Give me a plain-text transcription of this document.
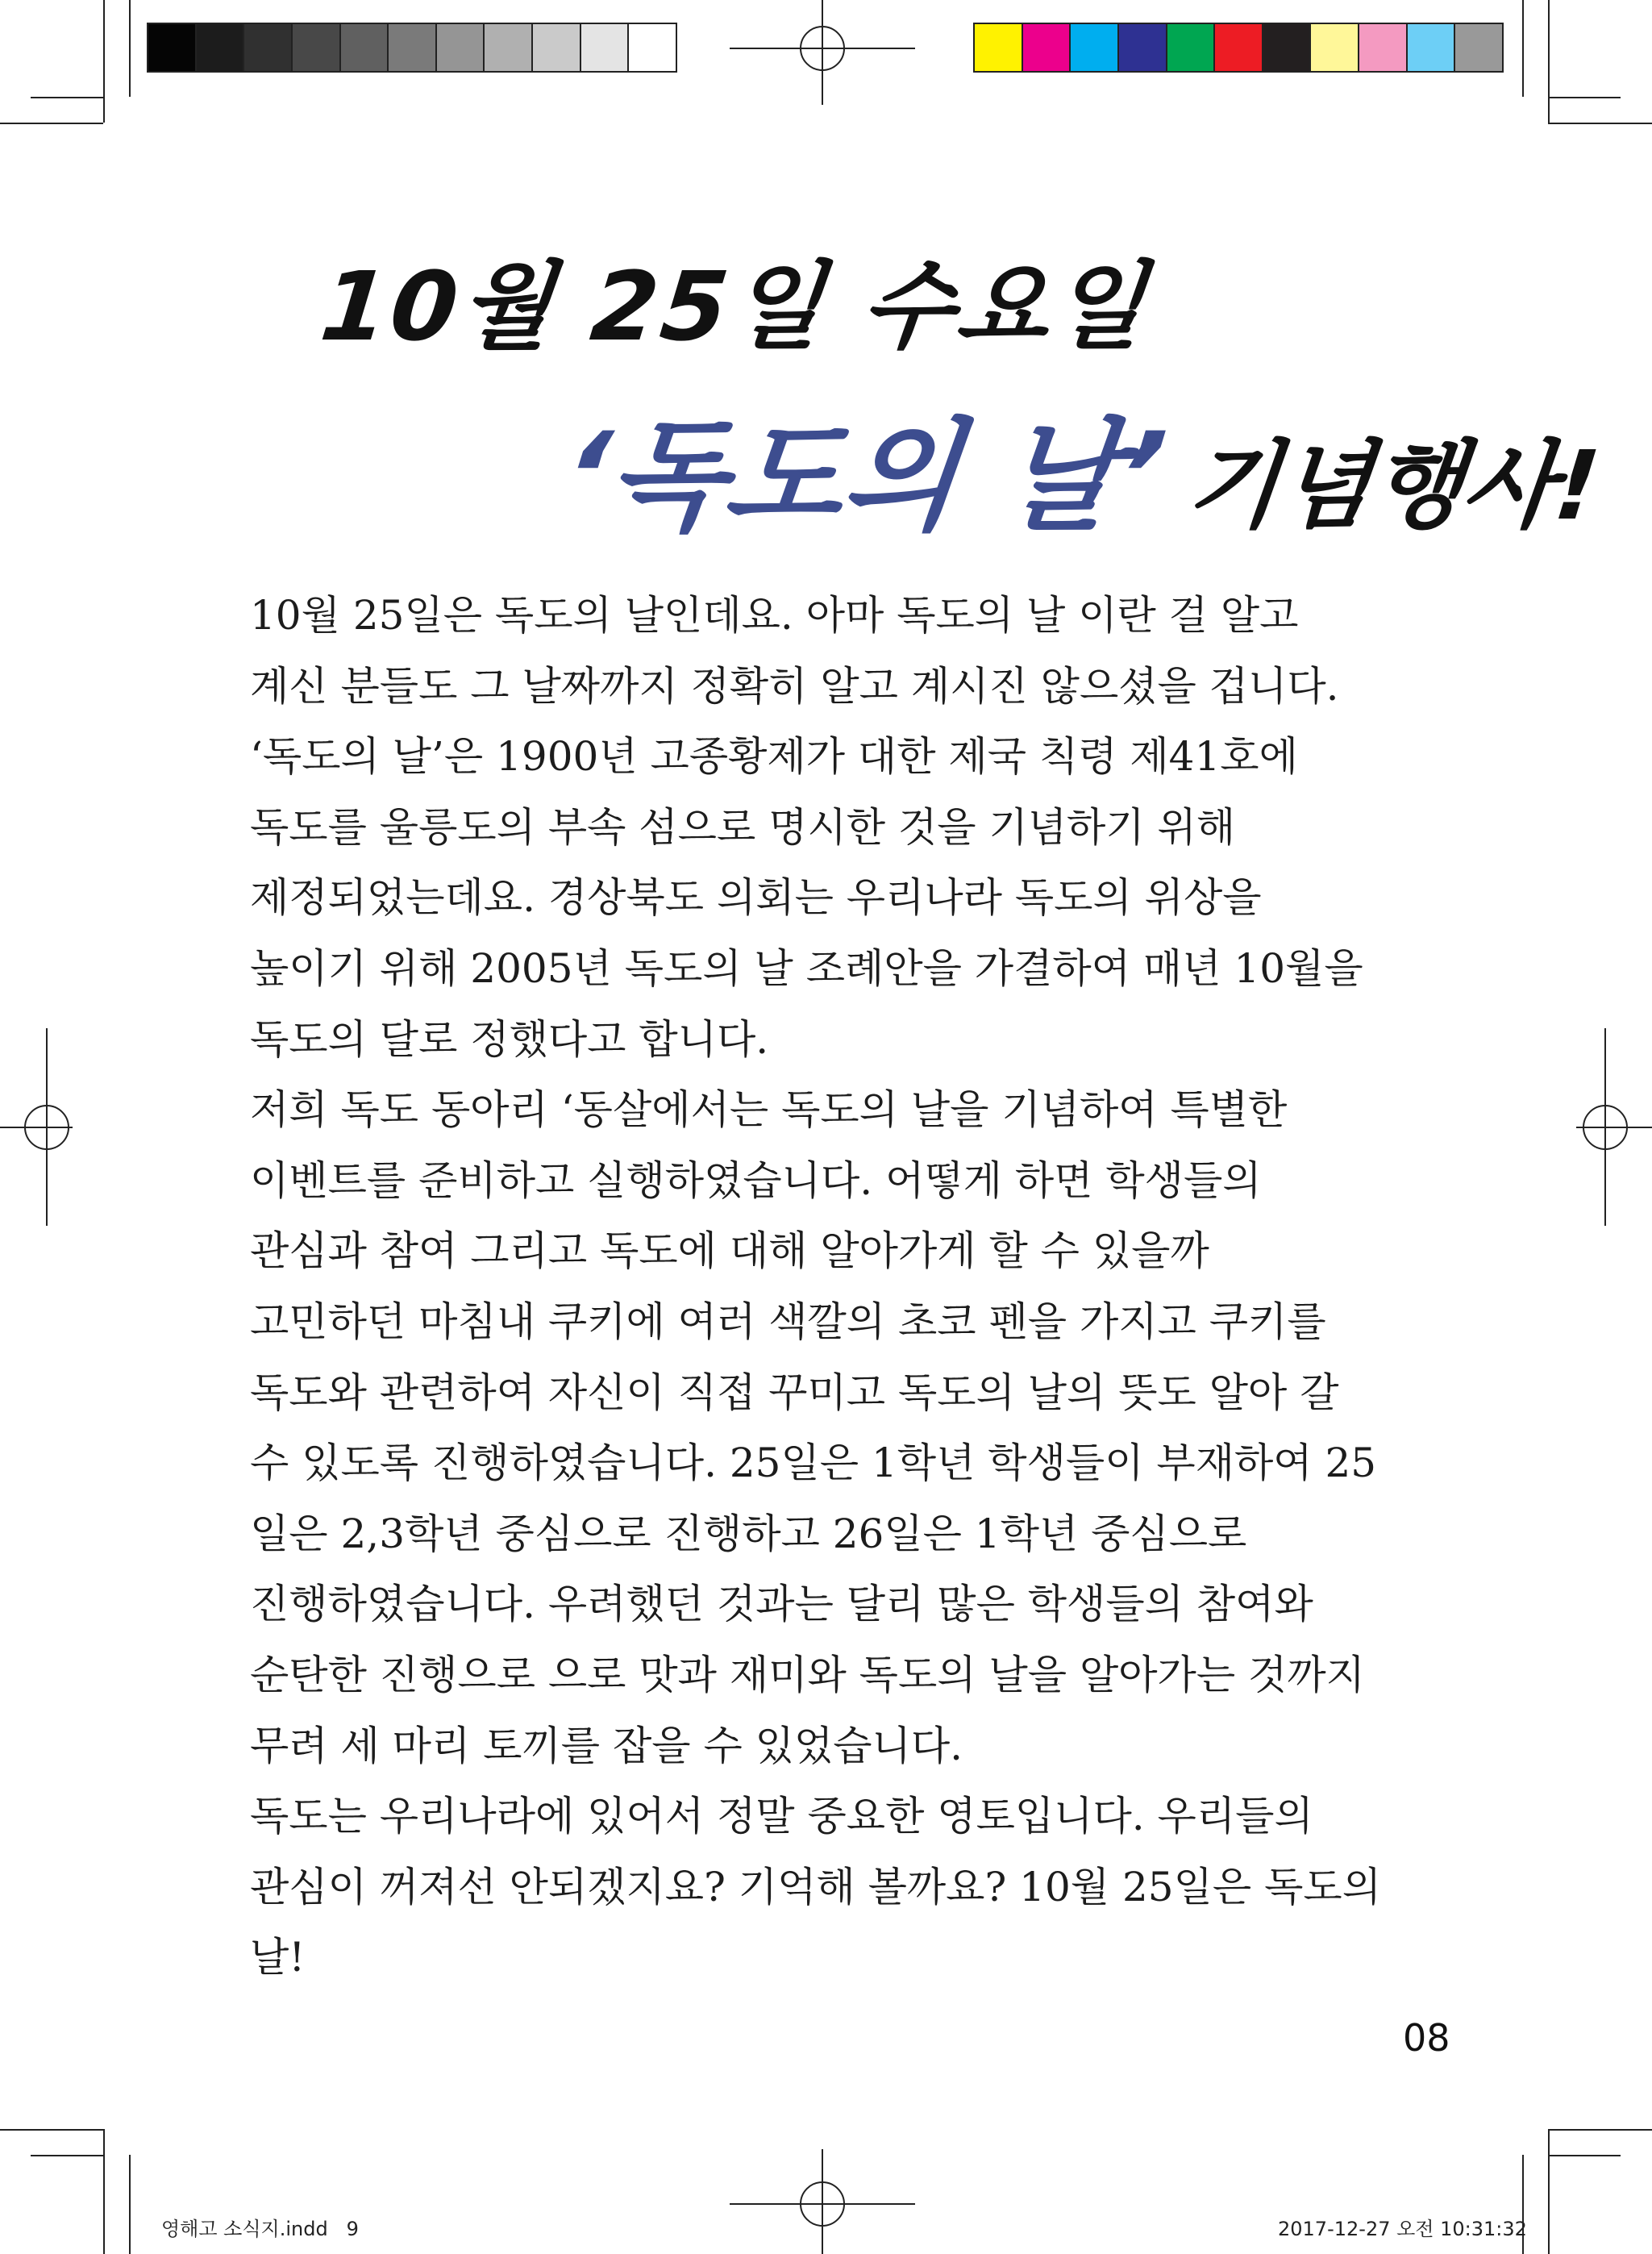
10월 25일 수요일
‘독도의 날’ 기념행사!
10월 25일은 독도의 날인데요. 아마 독도의 날 이란 걸 알고
계신 분들도 그 날짜까지 정확히 알고 계시진 않으셨을 겁니다.
‘독도의 날’은 1900년 고종황제가 대한 제국 칙령 제41호에
독도를 울릉도의 부속 섬으로 명시한 것을 기념하기 위해
제정되었는데요. 경상북도 의회는 우리나라 독도의 위상을
높이기 위해 2005년 독도의 날 조례안을 가결하여 매년 10월을
독도의 달로 정했다고 합니다.
저희 독도 동아리 ‘동살에서는 독도의 날을 기념하여 특별한
이벤트를 준비하고 실행하였습니다. 어떻게 하면 학생들의
관심과 참여 그리고 독도에 대해 알아가게 할 수 있을까
고민하던 마침내 쿠키에 여러 색깔의 초코 펜을 가지고 쿠키를
독도와 관련하여 자신이 직접 꾸미고 독도의 날의 뜻도 알아 갈
수 있도록 진행하였습니다. 25일은 1학년 학생들이 부재하여 25
일은 2,3학년 중심으로 진행하고 26일은 1학년 중심으로
진행하였습니다. 우려했던 것과는 달리 많은 학생들의 참여와
순탄한 진행으로 으로 맛과 재미와 독도의 날을 알아가는 것까지
무려 세 마리 토끼를 잡을 수 있었습니다.
독도는 우리나라에 있어서 정말 중요한 영토입니다. 우리들의
관심이 꺼져선 안되겠지요? 기억해 볼까요? 10월 25일은 독도의
날!
08
영해고 소식지.indd 9	2017-12-27 오전 10:31:32
